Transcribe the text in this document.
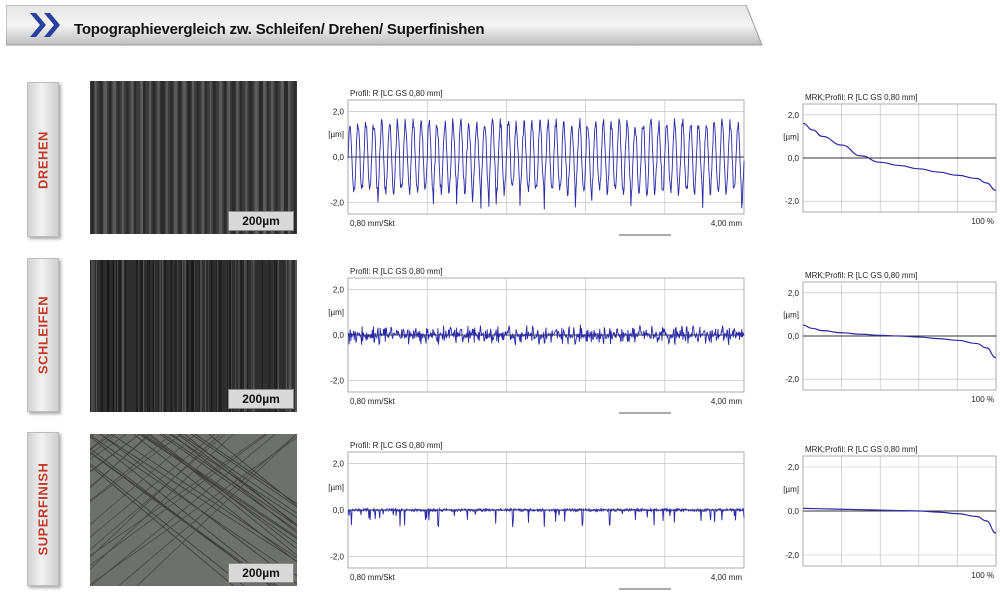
Topographievergleich zw. Schleifen/ Drehen/ Superfinishen
DREHEN
200µm
Profil: R [LC GS 0,80 mm]
2,0
0,0
-2,0
[µm]
0,80 mm/Skt	4,00 mm
MRK;Profil: R [LC GS 0,80 mm]
2,0
0,0
-2,0
[µm]
100 %
SCHLEIFEN
200µm
Profil: R [LC GS 0,80 mm]
2,0
0,0
-2,0
[µm]
0,80 mm/Skt	4,00 mm
MRK;Profil: R [LC GS 0,80 mm]
2,0
0,0
-2,0
[µm]
100 %
SUPERFINISH
200µm
Profil: R [LC GS 0,80 mm]
2,0
0,0
-2,0
[µm]
0,80 mm/Skt	4,00 mm
MRK;Profil: R [LC GS 0,80 mm]
2,0
0,0
-2,0
[µm]
100 %
